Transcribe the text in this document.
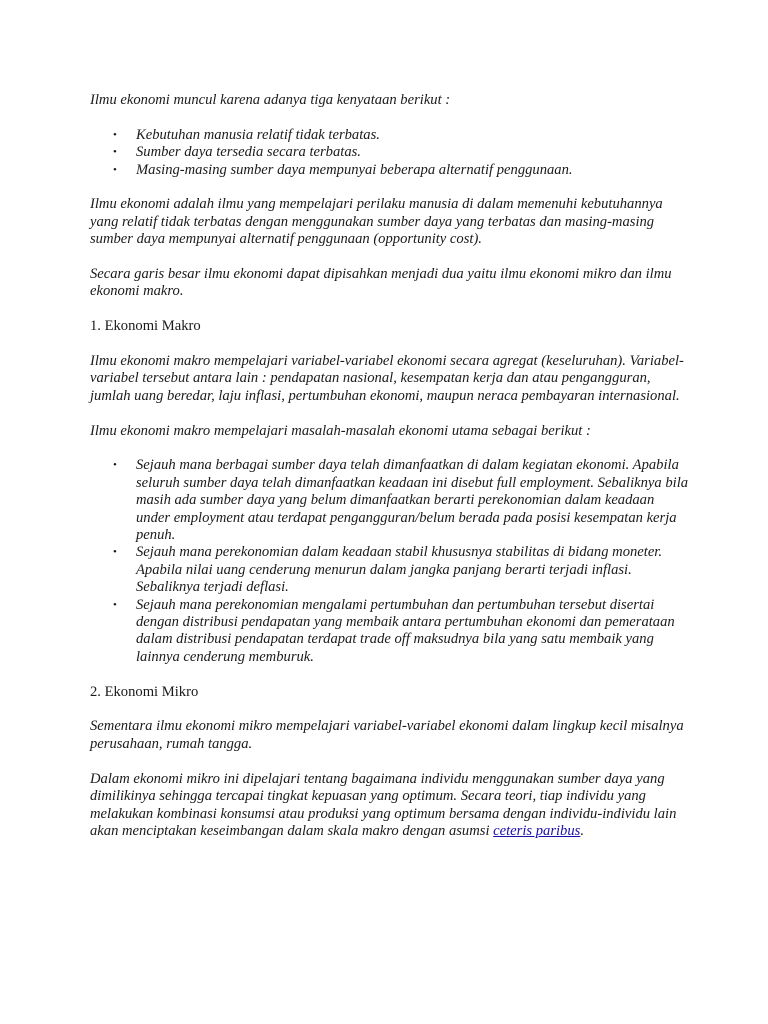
Ilmu ekonomi muncul karena adanya tiga kenyataan berikut :

• Kebutuhan manusia relatif tidak terbatas.
• Sumber daya tersedia secara terbatas.
• Masing-masing sumber daya mempunyai beberapa alternatif penggunaan.

Ilmu ekonomi adalah ilmu yang mempelajari perilaku manusia di dalam memenuhi kebutuhannya yang relatif tidak terbatas dengan menggunakan sumber daya yang terbatas dan masing-masing sumber daya mempunyai alternatif penggunaan (opportunity cost).

Secara garis besar ilmu ekonomi dapat dipisahkan menjadi dua yaitu ilmu ekonomi mikro dan ilmu ekonomi makro.

1. Ekonomi Makro

Ilmu ekonomi makro mempelajari variabel-variabel ekonomi secara agregat (keseluruhan). Variabel-variabel tersebut antara lain : pendapatan nasional, kesempatan kerja dan atau pengangguran, jumlah uang beredar, laju inflasi, pertumbuhan ekonomi, maupun neraca pembayaran internasional.

Ilmu ekonomi makro mempelajari masalah-masalah ekonomi utama sebagai berikut :

• Sejauh mana berbagai sumber daya telah dimanfaatkan di dalam kegiatan ekonomi. Apabila seluruh sumber daya telah dimanfaatkan keadaan ini disebut full employment. Sebaliknya bila masih ada sumber daya yang belum dimanfaatkan berarti perekonomian dalam keadaan under employment atau terdapat pengangguran/belum berada pada posisi kesempatan kerja penuh.
• Sejauh mana perekonomian dalam keadaan stabil khususnya stabilitas di bidang moneter. Apabila nilai uang cenderung menurun dalam jangka panjang berarti terjadi inflasi. Sebaliknya terjadi deflasi.
• Sejauh mana perekonomian mengalami pertumbuhan dan pertumbuhan tersebut disertai dengan distribusi pendapatan yang membaik antara pertumbuhan ekonomi dan pemerataan dalam distribusi pendapatan terdapat trade off maksudnya bila yang satu membaik yang lainnya cenderung memburuk.

2. Ekonomi Mikro

Sementara ilmu ekonomi mikro mempelajari variabel-variabel ekonomi dalam lingkup kecil misalnya perusahaan, rumah tangga.

Dalam ekonomi mikro ini dipelajari tentang bagaimana individu menggunakan sumber daya yang dimilikinya sehingga tercapai tingkat kepuasan yang optimum. Secara teori, tiap individu yang melakukan kombinasi konsumsi atau produksi yang optimum bersama dengan individu-individu lain akan menciptakan keseimbangan dalam skala makro dengan asumsi ceteris paribus.
